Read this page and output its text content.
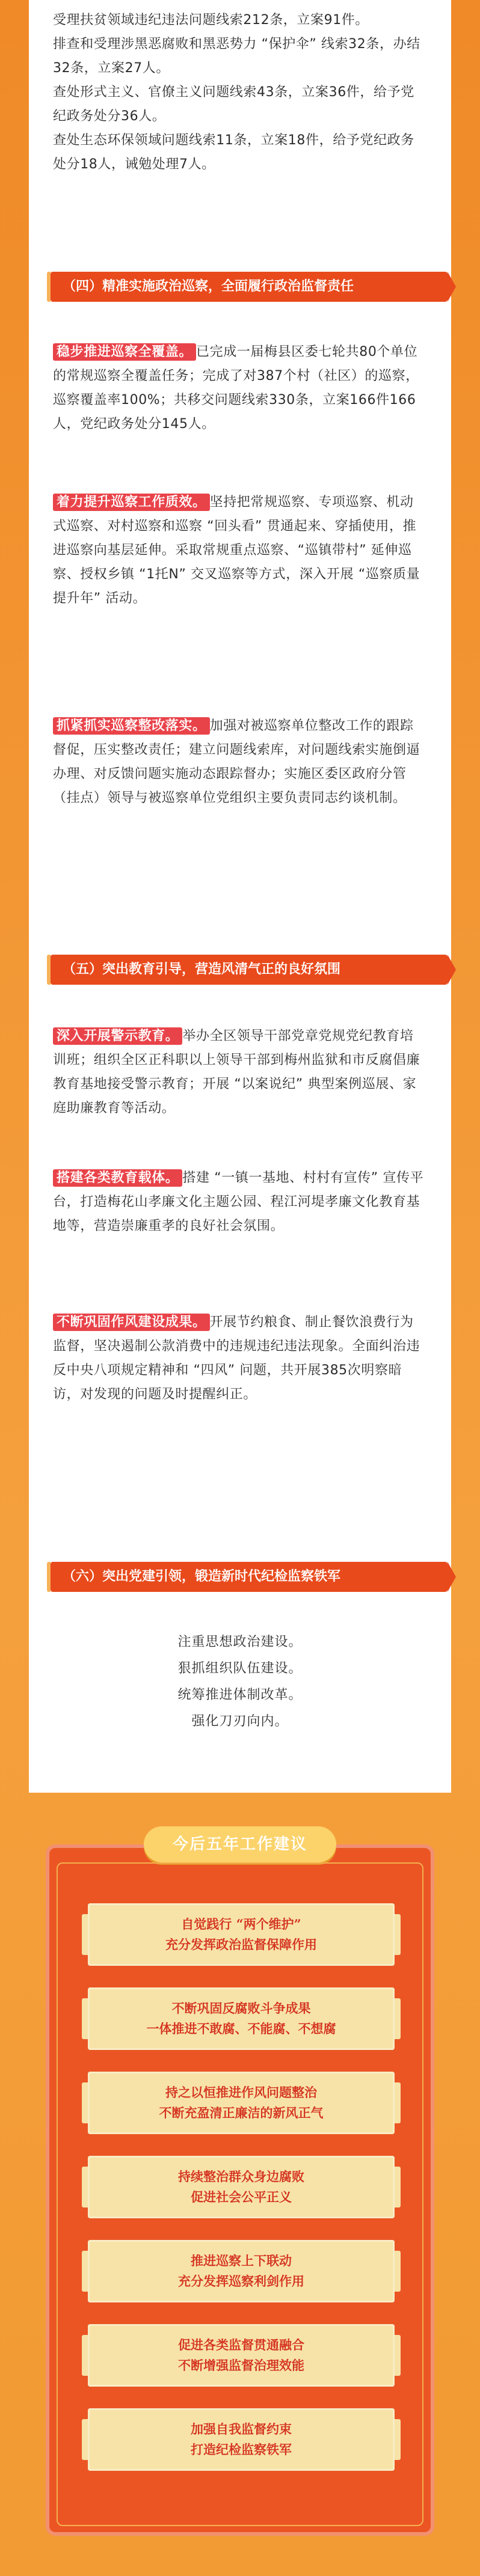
受理扶贫领域违纪违法问题线索212条，立案91件。

排查和受理涉黑恶腐败和黑恶势力 “保护伞” 线索32条，办结32条，立案27人。

查处形式主义、官僚主义问题线索43条，立案36件，给予党纪政务处分36人。

查处生态环保领域问题线索11条，立案18件，给予党纪政务处分18人，诫勉处理7人。

（四）精准实施政治巡察，全面履行政治监督责任

稳步推进巡察全覆盖。 已完成一届梅县区委七轮共80个单位的常规巡察全覆盖任务；完成了对387个村（社区）的巡察，巡察覆盖率100%；共移交问题线索330条，立案166件166人，党纪政务处分145人。

着力提升巡察工作质效。 坚持把常规巡察、专项巡察、机动式巡察、对村巡察和巡察 “回头看” 贯通起来、穿插使用，推进巡察向基层延伸。采取常规重点巡察、“巡镇带村” 延伸巡察、授权乡镇 “1托N” 交叉巡察等方式，深入开展 “巡察质量提升年” 活动。

抓紧抓实巡察整改落实。 加强对被巡察单位整改工作的跟踪督促，压实整改责任；建立问题线索库，对问题线索实施倒逼办理、对反馈问题实施动态跟踪督办；实施区委区政府分管（挂点）领导与被巡察单位党组织主要负责同志约谈机制。

（五）突出教育引导，营造风清气正的良好氛围

深入开展警示教育。 举办全区领导干部党章党规党纪教育培训班；组织全区正科职以上领导干部到梅州监狱和市反腐倡廉教育基地接受警示教育；开展 “以案说纪” 典型案例巡展、家庭助廉教育等活动。

搭建各类教育载体。 搭建 “一镇一基地、村村有宣传” 宣传平台，打造梅花山孝廉文化主题公园、程江河堤孝廉文化教育基地等，营造崇廉重孝的良好社会氛围。

不断巩固作风建设成果。 开展节约粮食、制止餐饮浪费行为监督，坚决遏制公款消费中的违规违纪违法现象。全面纠治违反中央八项规定精神和 “四风” 问题，共开展385次明察暗访，对发现的问题及时提醒纠正。

（六）突出党建引领，锻造新时代纪检监察铁军
注重思想政治建设。
狠抓组织队伍建设。
统筹推进体制改革。
强化刀刃向内。
今后五年工作建议
自觉践行 “两个维护”
充分发挥政治监督保障作用
不断巩固反腐败斗争成果
一体推进不敢腐、不能腐、不想腐
持之以恒推进作风问题整治
不断充盈清正廉洁的新风正气
持续整治群众身边腐败
促进社会公平正义
推进巡察上下联动
充分发挥巡察利剑作用
促进各类监督贯通融合
不断增强监督治理效能
加强自我监督约束
打造纪检监察铁军
